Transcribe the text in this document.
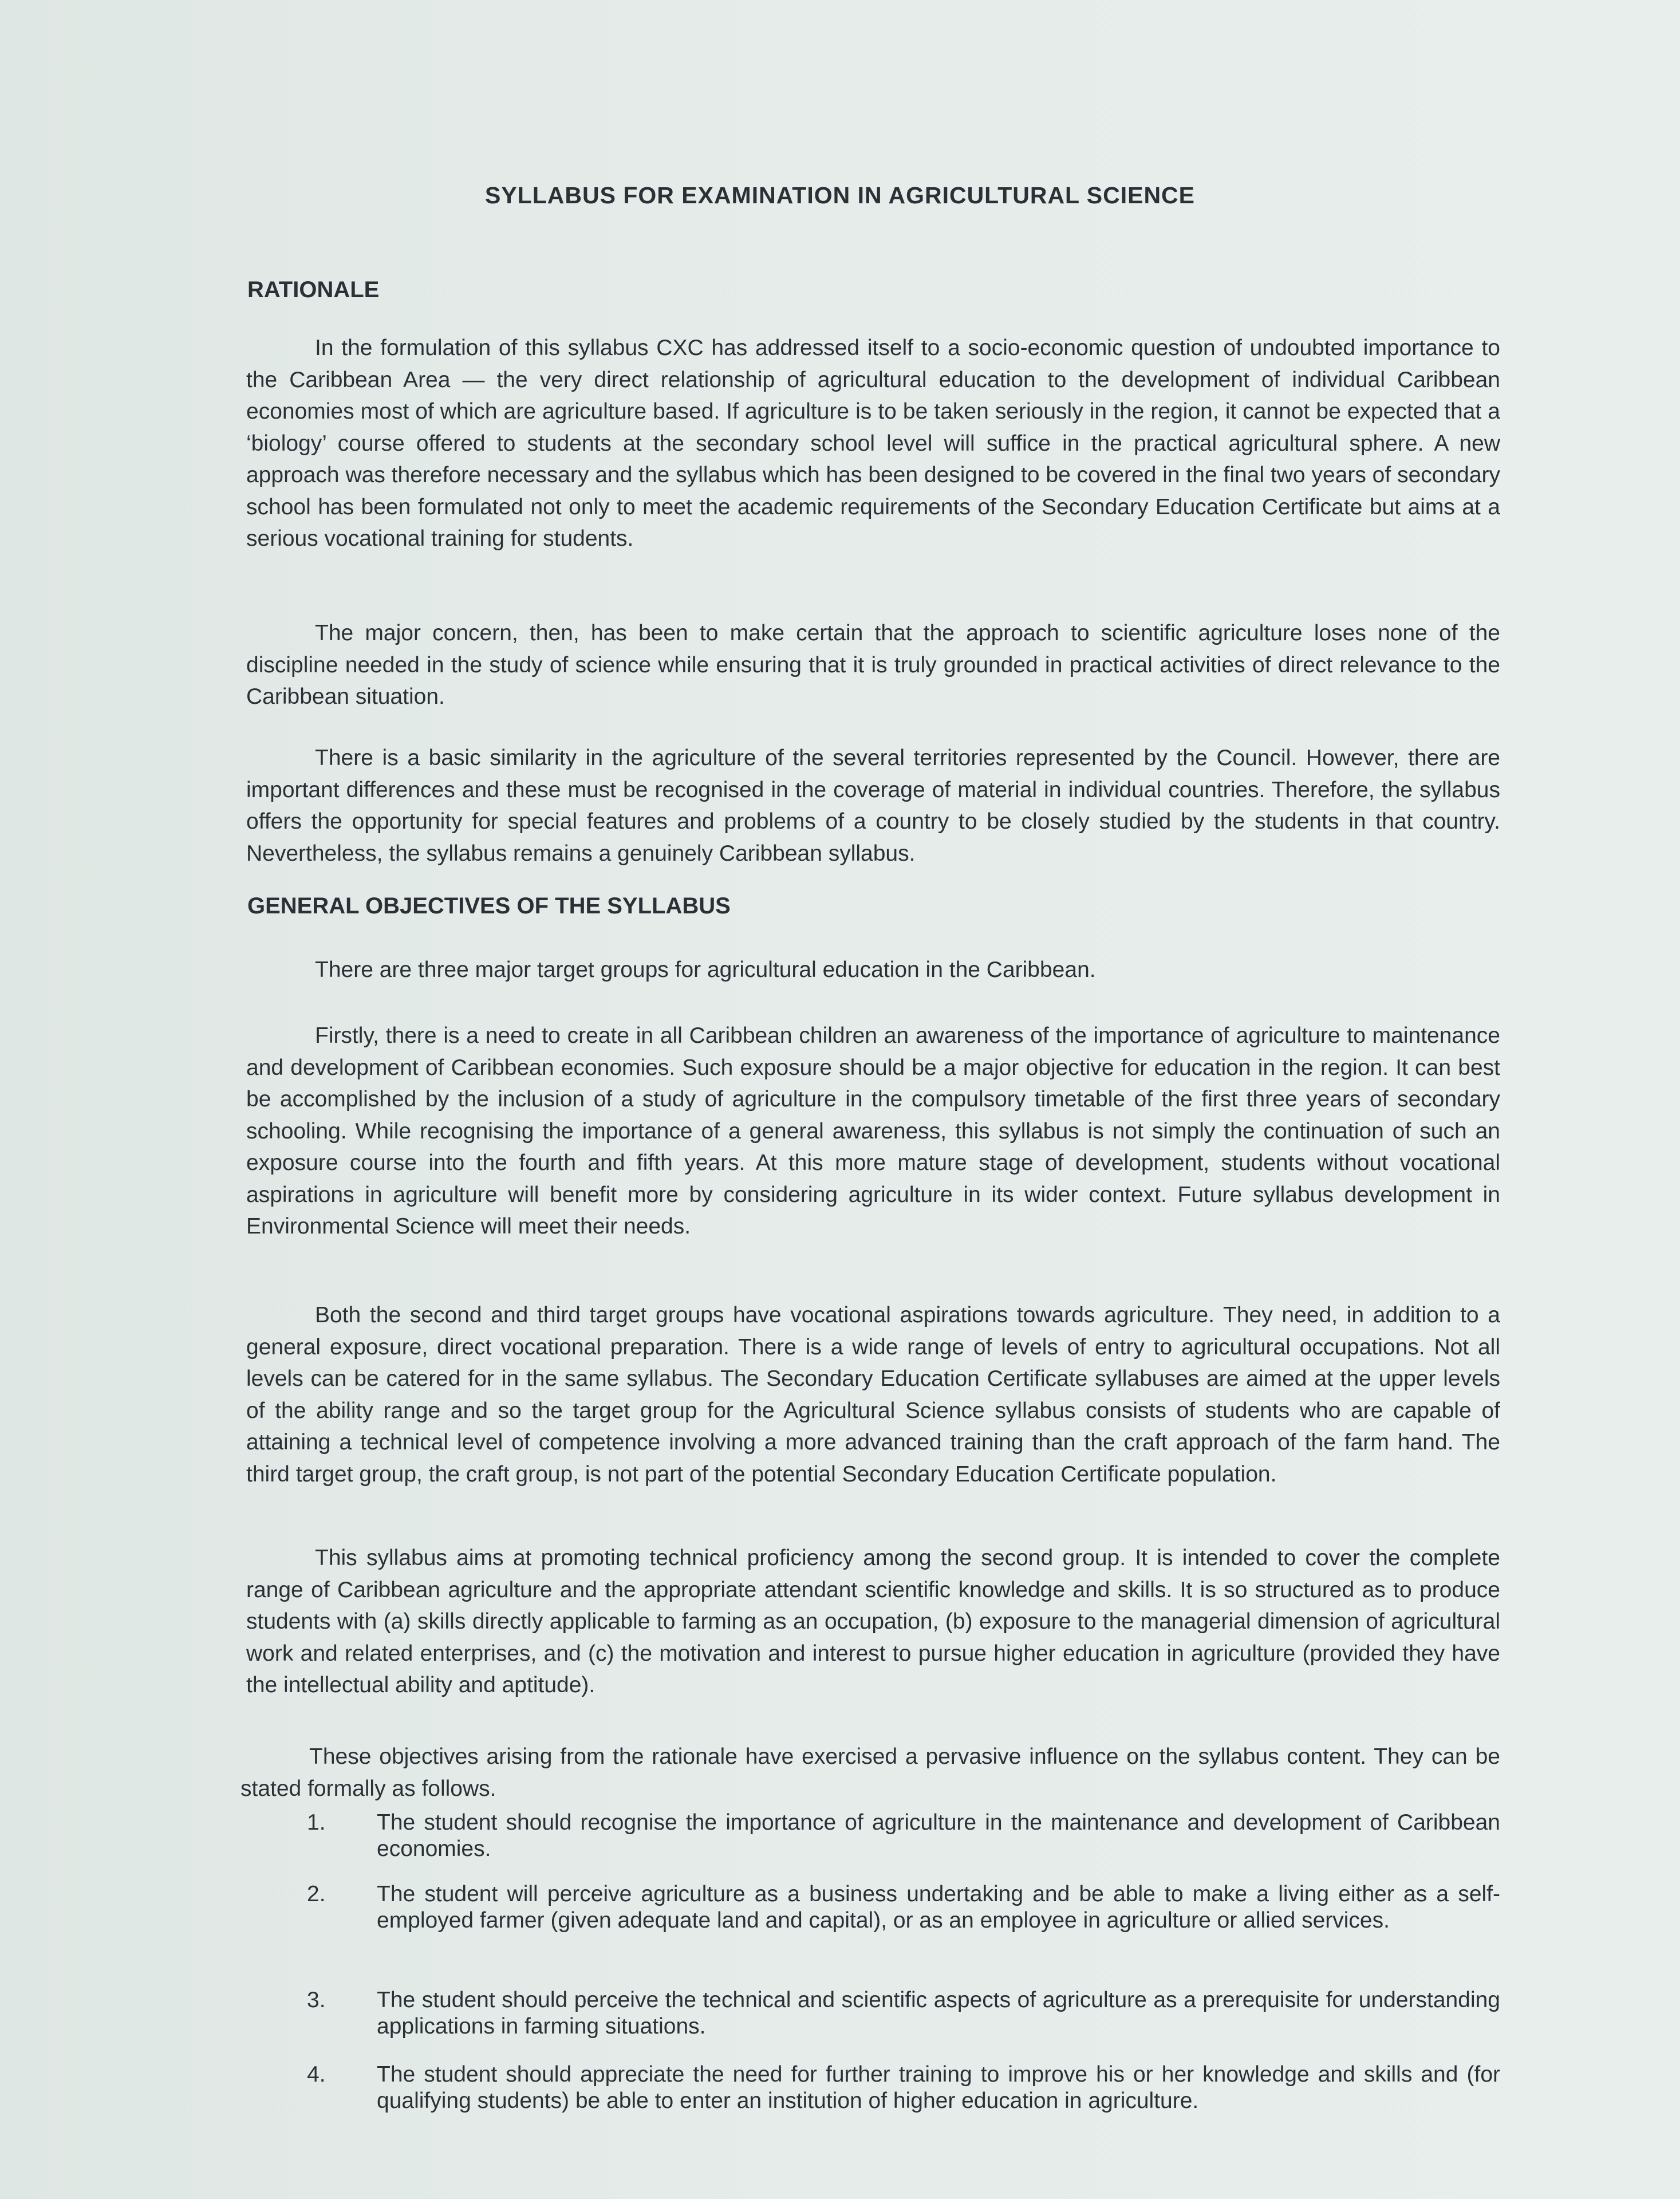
SYLLABUS FOR EXAMINATION IN AGRICULTURAL SCIENCE
RATIONALE

In the formulation of this syllabus CXC has addressed itself to a socio-economic question of undoubted importance to the Caribbean Area — the very direct relationship of agricultural education to the development of individual Caribbean economies most of which are agriculture based. If agriculture is to be taken seriously in the region, it cannot be expected that a ‘biology’ course offered to students at the secondary school level will suffice in the practical agricultural sphere. A new approach was therefore necessary and the syllabus which has been designed to be covered in the final two years of secondary school has been formulated not only to meet the academic requirements of the Secondary Education Certificate but aims at a serious vocational training for students.

The major concern, then, has been to make certain that the approach to scientific agriculture loses none of the discipline needed in the study of science while ensuring that it is truly grounded in practical activities of direct relevance to the Caribbean situation.

There is a basic similarity in the agriculture of the several territories represented by the Council. However, there are important differences and these must be recognised in the coverage of material in individual countries. Therefore, the syllabus offers the opportunity for special features and problems of a country to be closely studied by the students in that country. Nevertheless, the syllabus remains a genuinely Caribbean syllabus.

GENERAL OBJECTIVES OF THE SYLLABUS

There are three major target groups for agricultural education in the Caribbean.

Firstly, there is a need to create in all Caribbean children an awareness of the importance of agriculture to maintenance and development of Caribbean economies. Such exposure should be a major objective for education in the region. It can best be accomplished by the inclusion of a study of agriculture in the compulsory timetable of the first three years of secondary schooling. While recognising the importance of a general awareness, this syllabus is not simply the continuation of such an exposure course into the fourth and fifth years. At this more mature stage of development, students without vocational aspirations in agriculture will benefit more by considering agriculture in its wider context. Future syllabus development in Environmental Science will meet their needs.

Both the second and third target groups have vocational aspirations towards agriculture. They need, in addition to a general exposure, direct vocational preparation. There is a wide range of levels of entry to agricultural occupations. Not all levels can be catered for in the same syllabus. The Secondary Education Certificate syllabuses are aimed at the upper levels of the ability range and so the target group for the Agricultural Science syllabus consists of students who are capable of attaining a technical level of competence involving a more advanced training than the craft approach of the farm hand. The third target group, the craft group, is not part of the potential Secondary Education Certificate population.

This syllabus aims at promoting technical proficiency among the second group. It is intended to cover the complete range of Caribbean agriculture and the appropriate attendant scientific knowledge and skills. It is so structured as to produce students with (a) skills directly applicable to farming as an occupation, (b) exposure to the managerial dimension of agricultural work and related enterprises, and (c) the motivation and interest to pursue higher education in agriculture (provided they have the intellectual ability and aptitude).

These objectives arising from the rationale have exercised a pervasive influence on the syllabus content. They can be stated formally as follows.

1. The student should recognise the importance of agriculture in the maintenance and development of Caribbean economies.
2. The student will perceive agriculture as a business undertaking and be able to make a living either as a self-employed farmer (given adequate land and capital), or as an employee in agriculture or allied services.
3. The student should perceive the technical and scientific aspects of agriculture as a prerequisite for understanding applications in farming situations.
4. The student should appreciate the need for further training to improve his or her knowledge and skills and (for qualifying students) be able to enter an institution of higher education in agriculture.
